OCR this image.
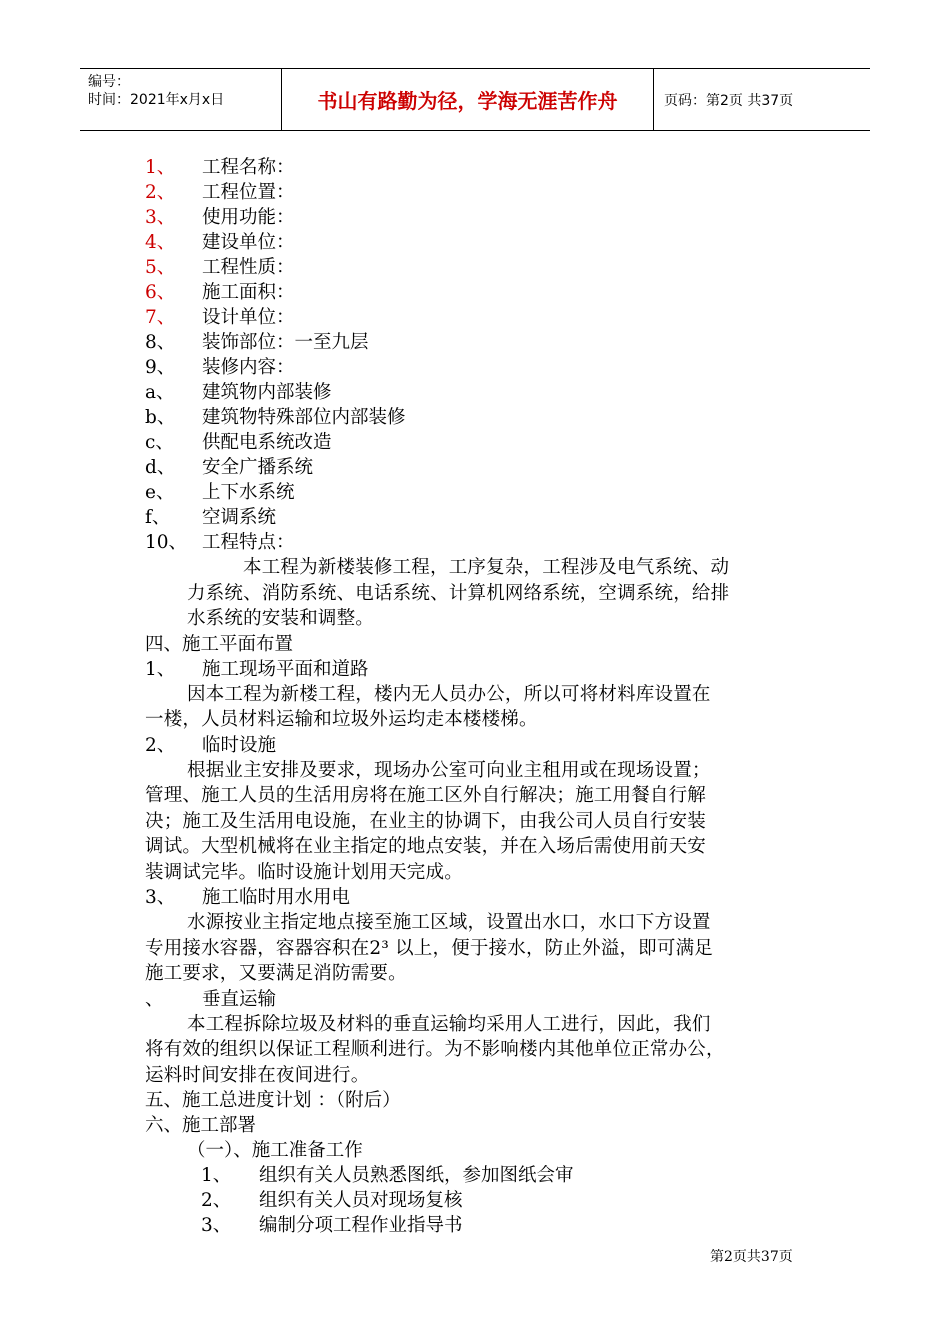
编号：
时间：2021年x月x日	书山有路勤为径，学海无涯苦作舟	页码：第2页 共37页
1、 工程名称：
2、 工程位置：
3、 使用功能：
4、 建设单位：
5、 工程性质：
6、 施工面积：
7、 设计单位：
8、 装饰部位：一至九层
9、 装修内容：
a、 建筑物内部装修
b、 建筑物特殊部位内部装修
c、 供配电系统改造
d、 安全广播系统
e、 上下水系统
f、 空调系统
10、 工程特点：
本工程为新楼装修工程，工序复杂，工程涉及电气系统、动
力系统、消防系统、电话系统、计算机网络系统，空调系统，给排
水系统的安装和调整。
四、施工平面布置
1、 施工现场平面和道路
因本工程为新楼工程，楼内无人员办公，所以可将材料库设置在
一楼，人员材料运输和垃圾外运均走本楼楼梯。
2、 临时设施
根据业主安排及要求，现场办公室可向业主租用或在现场设置；
管理、施工人员的生活用房将在施工区外自行解决；施工用餐自行解
决；施工及生活用电设施，在业主的协调下，由我公司人员自行安装
调试。大型机械将在业主指定的地点安装，并在入场后需使用前天安
装调试完毕。临时设施计划用天完成。
3、 施工临时用水用电
水源按业主指定地点接至施工区域，设置出水口，水口下方设置
专用接水容器，容器容积在2³ 以上，便于接水，防止外溢，即可满足
施工要求，又要满足消防需要。
、 垂直运输
本工程拆除垃圾及材料的垂直运输均采用人工进行，因此，我们
将有效的组织以保证工程顺利进行。为不影响楼内其他单位正常办公，
运料时间安排在夜间进行。
五、施工总进度计划 ：（附后）
六、施工部署
（一）、施工准备工作
1、 组织有关人员熟悉图纸，参加图纸会审
2、 组织有关人员对现场复核
3、 编制分项工程作业指导书
第2页共37页
